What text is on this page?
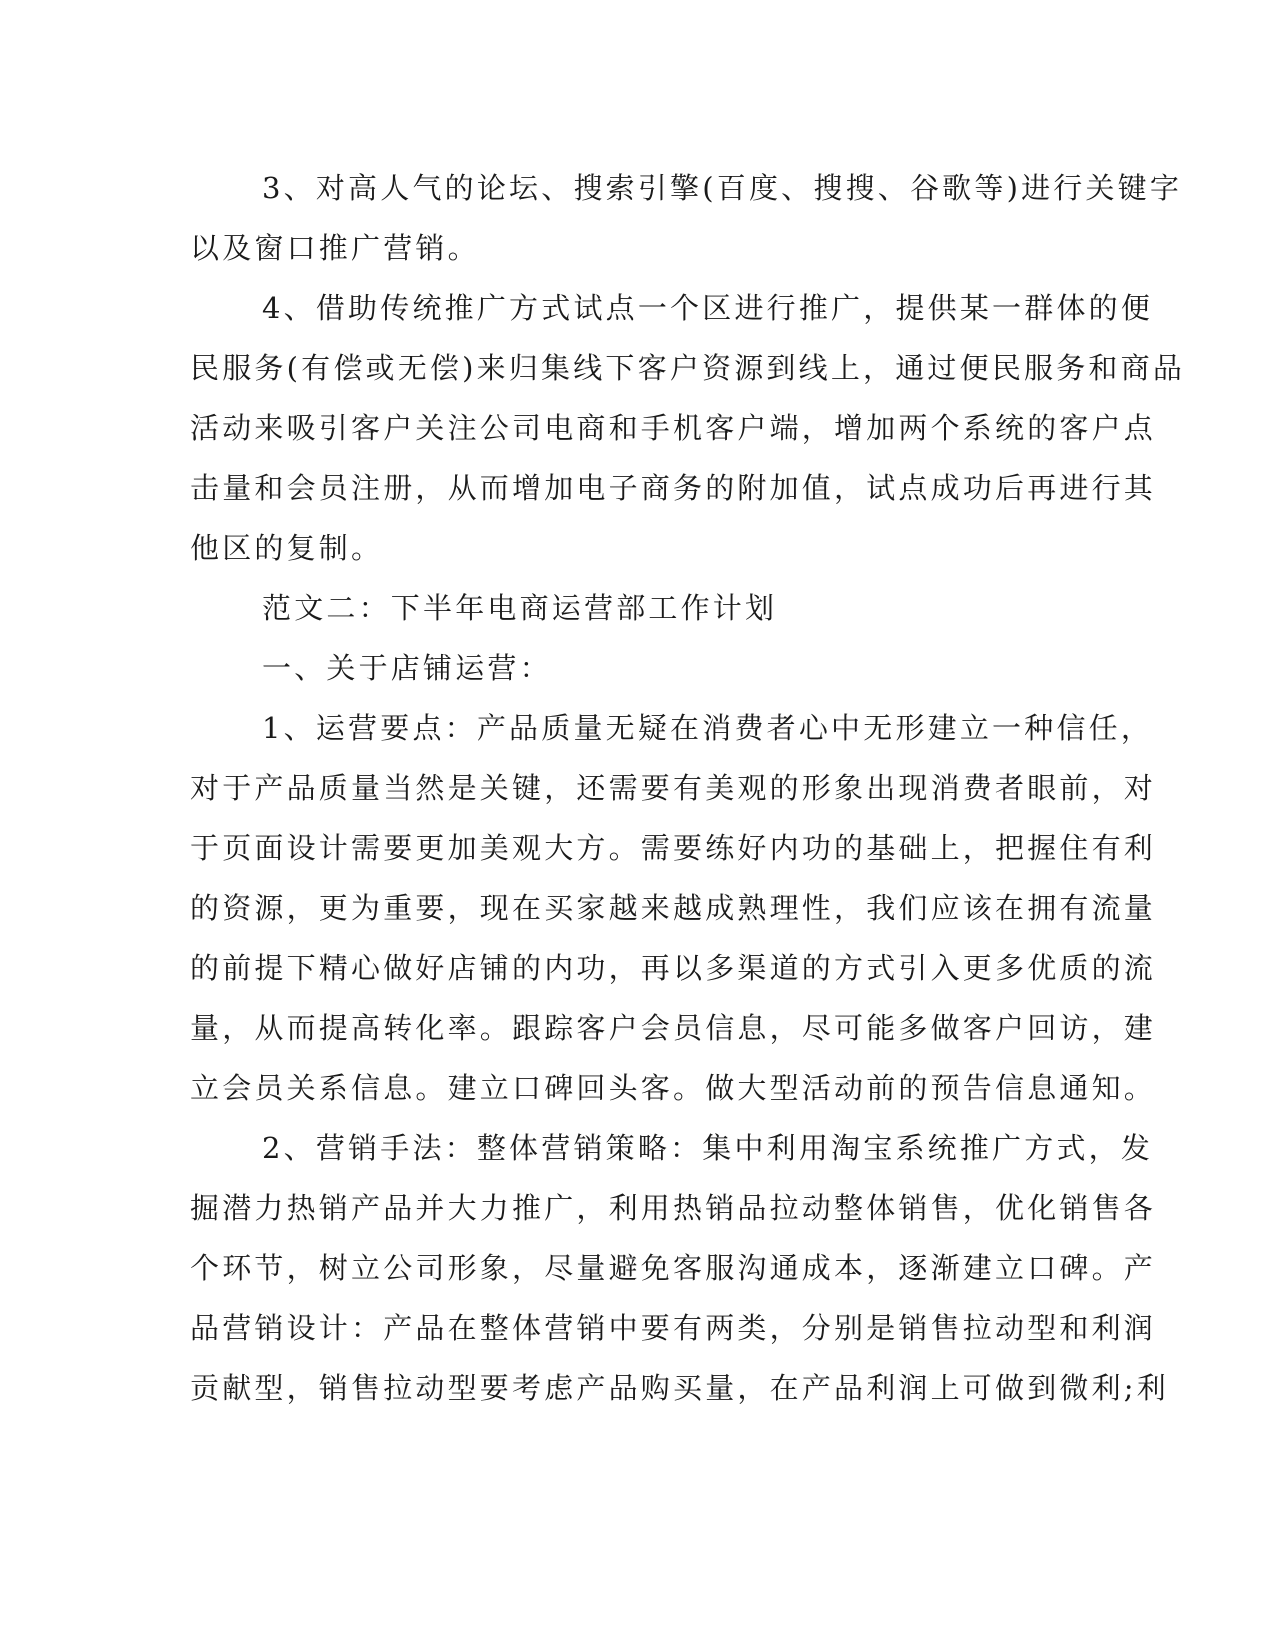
3、对高人气的论坛、搜索引擎(百度、搜搜、谷歌等)进行关键字
以及窗口推广营销。
4、借助传统推广方式试点一个区进行推广，提供某一群体的便
民服务(有偿或无偿)来归集线下客户资源到线上，通过便民服务和商品
活动来吸引客户关注公司电商和手机客户端，增加两个系统的客户点
击量和会员注册，从而增加电子商务的附加值，试点成功后再进行其
他区的复制。
范文二：下半年电商运营部工作计划
一、关于店铺运营：
1、运营要点：产品质量无疑在消费者心中无形建立一种信任，
对于产品质量当然是关键，还需要有美观的形象出现消费者眼前，对
于页面设计需要更加美观大方。需要练好内功的基础上，把握住有利
的资源，更为重要，现在买家越来越成熟理性，我们应该在拥有流量
的前提下精心做好店铺的内功，再以多渠道的方式引入更多优质的流
量，从而提高转化率。跟踪客户会员信息，尽可能多做客户回访，建
立会员关系信息。建立口碑回头客。做大型活动前的预告信息通知。
2、营销手法：整体营销策略：集中利用淘宝系统推广方式，发
掘潜力热销产品并大力推广，利用热销品拉动整体销售，优化销售各
个环节，树立公司形象，尽量避免客服沟通成本，逐渐建立口碑。产
品营销设计：产品在整体营销中要有两类，分别是销售拉动型和利润
贡献型，销售拉动型要考虑产品购买量，在产品利润上可做到微利;利
